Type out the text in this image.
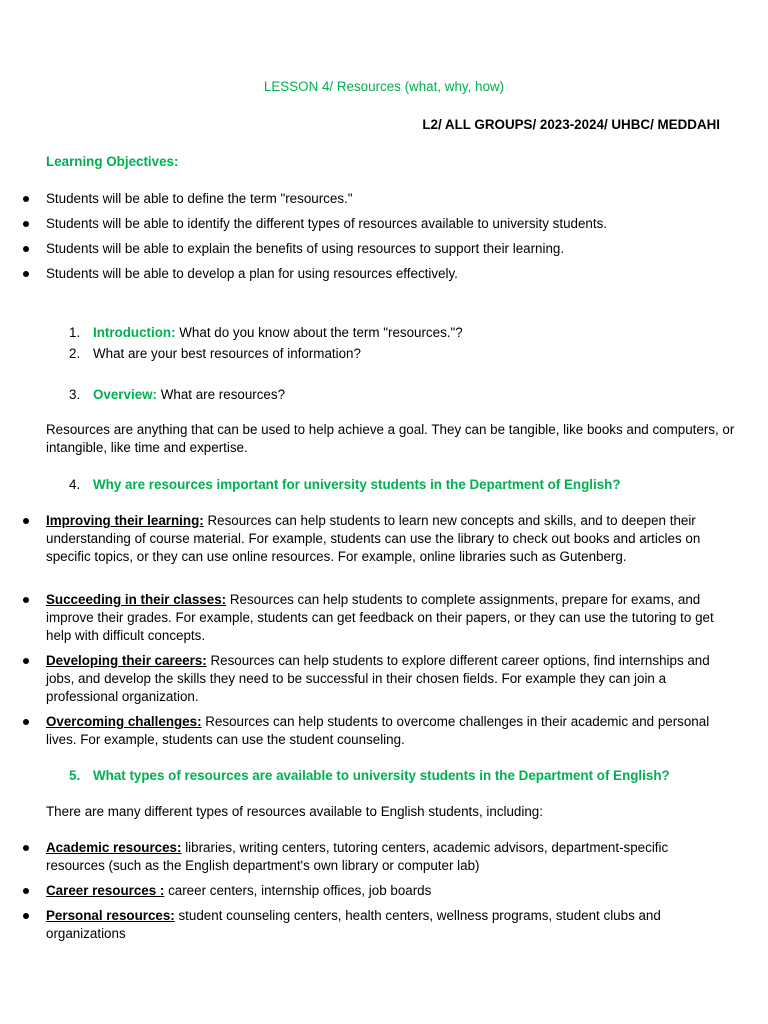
LESSON 4/ Resources (what, why, how)
L2/ ALL GROUPS/ 2023-2024/ UHBC/ MEDDAHI
Learning Objectives:
Students will be able to define the term "resources."
Students will be able to identify the different types of resources available to university students.
Students will be able to explain the benefits of using resources to support their learning.
Students will be able to develop a plan for using resources effectively.
1. Introduction: What do you know about the term "resources."?
2. What are your best resources of information?
3. Overview: What are resources?
Resources are anything that can be used to help achieve a goal. They can be tangible, like books and computers, or intangible, like time and expertise.
4. Why are resources important for university students in the Department of English?
Improving their learning: Resources can help students to learn new concepts and skills, and to deepen their understanding of course material. For example, students can use the library to check out books and articles on specific topics, or they can use online resources. For example, online libraries such as Gutenberg.
Succeeding in their classes: Resources can help students to complete assignments, prepare for exams, and improve their grades. For example, students can get feedback on their papers, or they can use the tutoring to get help with difficult concepts.
Developing their careers: Resources can help students to explore different career options, find internships and jobs, and develop the skills they need to be successful in their chosen fields. For example they can join a professional organization.
Overcoming challenges: Resources can help students to overcome challenges in their academic and personal lives. For example, students can use the student counseling.
5. What types of resources are available to university students in the Department of English?
There are many different types of resources available to English students, including:
Academic resources: libraries, writing centers, tutoring centers, academic advisors, department-specific resources (such as the English department's own library or computer lab)
Career resources : career centers, internship offices, job boards
Personal resources: student counseling centers, health centers, wellness programs, student clubs and organizations
